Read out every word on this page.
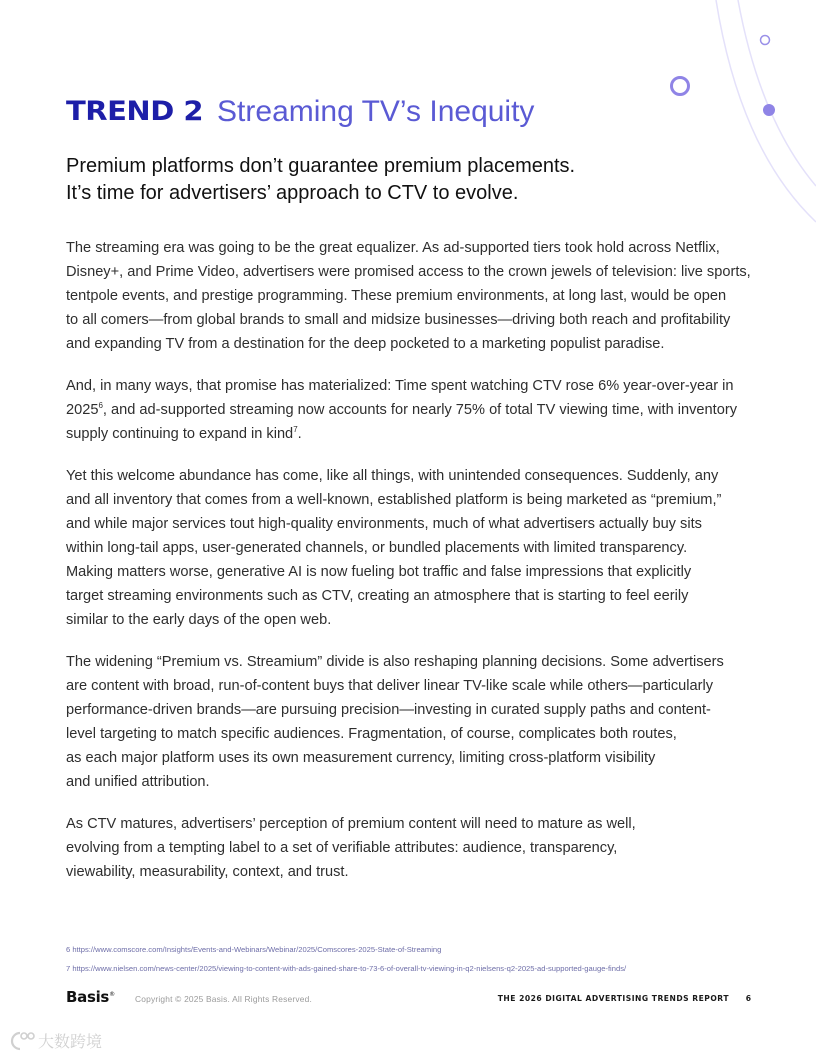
TREND 2 Streaming TV’s Inequity
Premium platforms don’t guarantee premium placements.
It’s time for advertisers’ approach to CTV to evolve.
The streaming era was going to be the great equalizer. As ad-supported tiers took hold across Netflix,
Disney+, and Prime Video, advertisers were promised access to the crown jewels of television: live sports,
tentpole events, and prestige programming. These premium environments, at long last, would be open
to all comers—from global brands to small and midsize businesses—driving both reach and profitability
and expanding TV from a destination for the deep pocketed to a marketing populist paradise.
And, in many ways, that promise has materialized: Time spent watching CTV rose 6% year-over-year in
2025$^6$, and ad-supported streaming now accounts for nearly 75% of total TV viewing time, with inventory
supply continuing to expand in kind$^7$.
Yet this welcome abundance has come, like all things, with unintended consequences. Suddenly, any
and all inventory that comes from a well-known, established platform is being marketed as “premium,”
and while major services tout high-quality environments, much of what advertisers actually buy sits
within long-tail apps, user-generated channels, or bundled placements with limited transparency.
Making matters worse, generative AI is now fueling bot traffic and false impressions that explicitly
target streaming environments such as CTV, creating an atmosphere that is starting to feel eerily
similar to the early days of the open web.
The widening “Premium vs. Streamium” divide is also reshaping planning decisions. Some advertisers
are content with broad, run-of-content buys that deliver linear TV-like scale while others—particularly
performance-driven brands—are pursuing precision—investing in curated supply paths and content-
level targeting to match specific audiences. Fragmentation, of course, complicates both routes,
as each major platform uses its own measurement currency, limiting cross-platform visibility
and unified attribution.
As CTV matures, advertisers’ perception of premium content will need to mature as well,
evolving from a tempting label to a set of verifiable attributes: audience, transparency,
viewability, measurability, context, and trust.
6 https://www.comscore.com/Insights/Events-and-Webinars/Webinar/2025/Comscores-2025-State-of-Streaming
7 https://www.nielsen.com/news-center/2025/viewing-to-content-with-ads-gained-share-to-73-6-of-overall-tv-viewing-in-q2-nielsens-q2-2025-ad-supported-gauge-finds/
Basis® Copyright © 2025 Basis. All Rights Reserved.	THE 2026 DIGITAL ADVERTISING TRENDS REPORT 6
大数跨境
